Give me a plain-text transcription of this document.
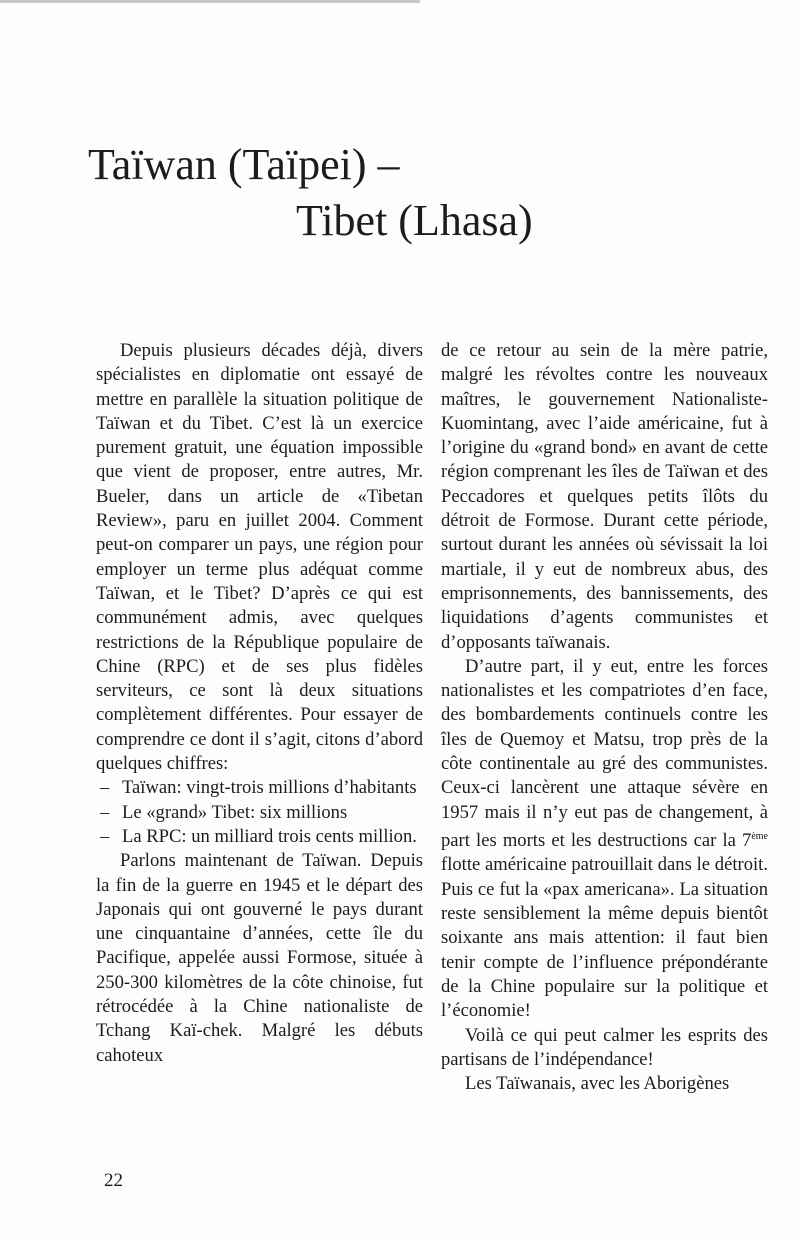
Taïwan (Taïpei) –
Tibet (Lhasa)

Depuis plusieurs décades déjà, divers spécialistes en diplomatie ont essayé de mettre en parallèle la situation politique de Taïwan et du Tibet. C’est là un exercice purement gratuit, une équation impossible que vient de proposer, entre autres, Mr. Bueler, dans un article de «Tibetan Review», paru en juillet 2004. Comment peut-on comparer un pays, une région pour employer un terme plus adéquat comme Taïwan, et le Tibet? D’après ce qui est communément admis, avec quelques restrictions de la République populaire de Chine (RPC) et de ses plus fidèles serviteurs, ce sont là deux situations complètement différentes. Pour essayer de comprendre ce dont il s’agit, citons d’abord quelques chiffres:

– Taïwan: vingt-trois millions d’habitants
– Le «grand» Tibet: six millions
– La RPC: un milliard trois cents million.

Parlons maintenant de Taïwan. Depuis la fin de la guerre en 1945 et le départ des Japonais qui ont gouverné le pays durant une cinquantaine d’années, cette île du Pacifique, appelée aussi Formose, située à 250-300 kilomètres de la côte chinoise, fut rétrocédée à la Chine nationaliste de Tchang Kaï-chek. Malgré les débuts cahoteux

de ce retour au sein de la mère patrie, malgré les révoltes contre les nouveaux maîtres, le gouvernement Nationaliste-Kuomintang, avec l’aide américaine, fut à l’origine du «grand bond» en avant de cette région comprenant les îles de Taïwan et des Peccadores et quelques petits îlôts du détroit de Formose. Durant cette période, surtout durant les années où sévissait la loi martiale, il y eut de nombreux abus, des emprisonnements, des bannissements, des liquidations d’agents communistes et d’opposants taïwanais.

D’autre part, il y eut, entre les forces nationalistes et les compatriotes d’en face, des bombardements continuels contre les îles de Quemoy et Matsu, trop près de la côte continentale au gré des communistes. Ceux-ci lancèrent une attaque sévère en 1957 mais il n’y eut pas de changement, à part les morts et les destructions car la 7ème flotte américaine patrouillait dans le détroit. Puis ce fut la «pax americana». La situation reste sensiblement la même depuis bientôt soixante ans mais attention: il faut bien tenir compte de l’influence prépondérante de la Chine populaire sur la politique et l’économie!

Voilà ce qui peut calmer les esprits des partisans de l’indépendance!

Les Taïwanais, avec les Aborigènes

22
